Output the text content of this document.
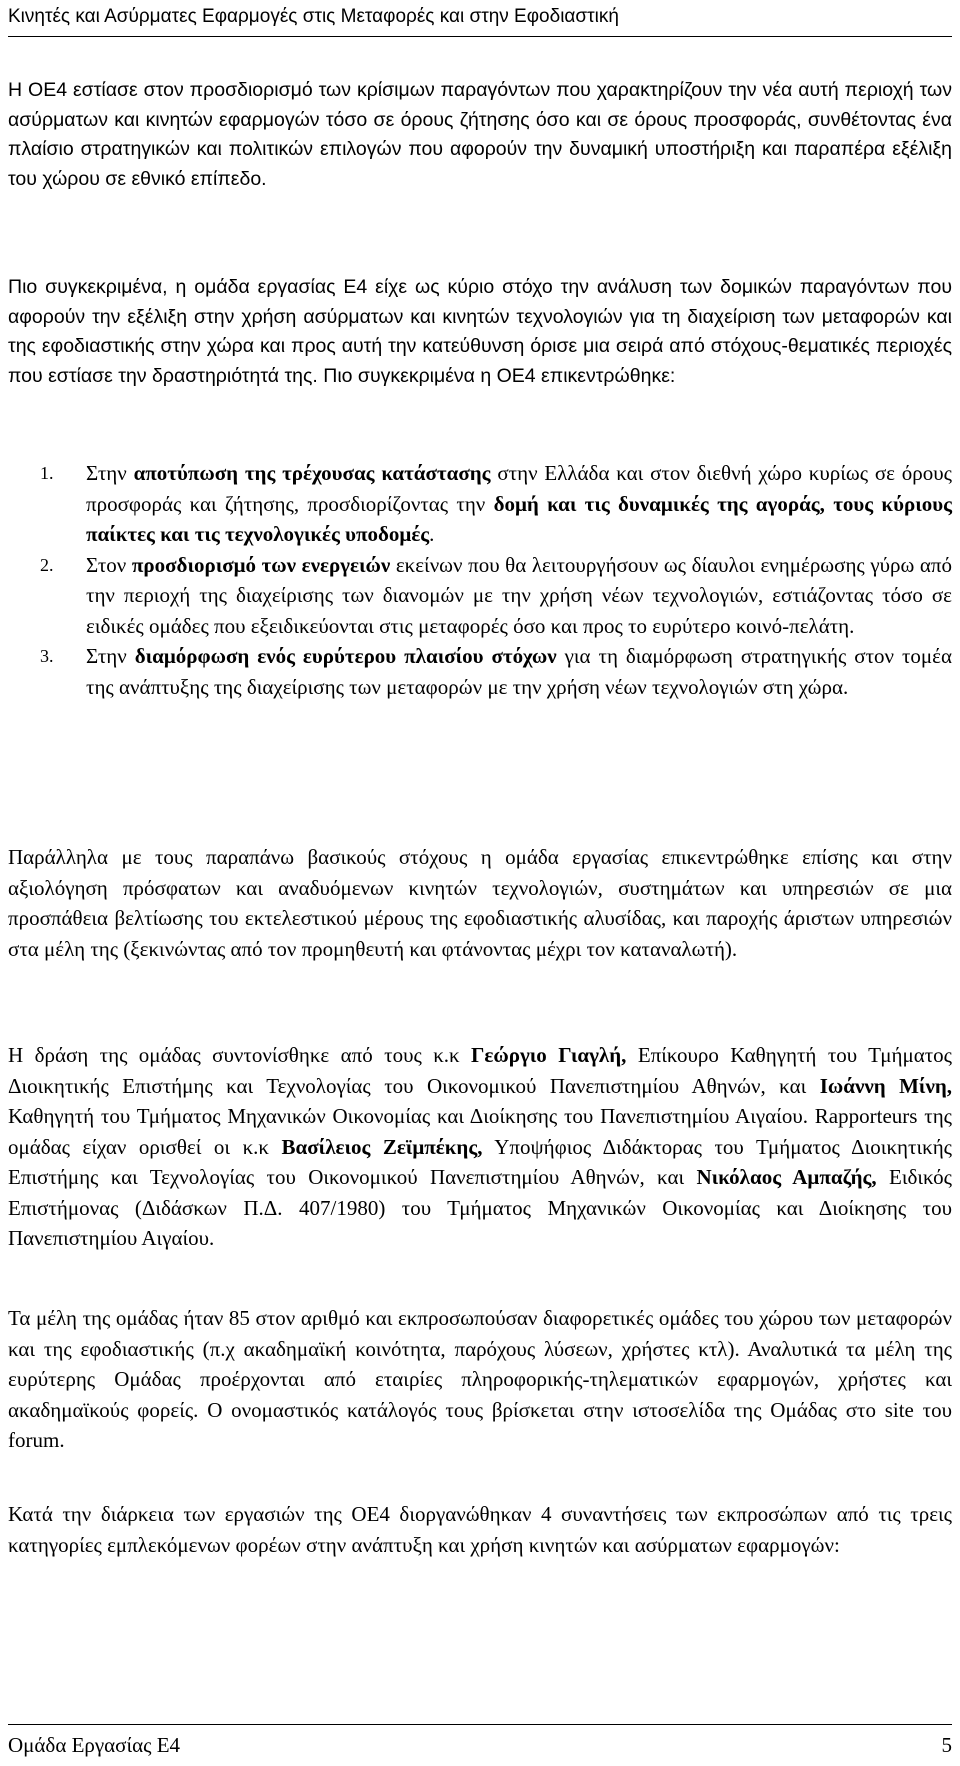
Κινητές και Ασύρματες Εφαρμογές στις Μεταφορές και στην Εφοδιαστική

Η ΟΕ4 εστίασε στον προσδιορισμό των κρίσιμων παραγόντων που χαρακτηρίζουν την νέα αυτή περιοχή των ασύρματων και κινητών εφαρμογών τόσο σε όρους ζήτησης όσο και σε όρους προσφοράς, συνθέτοντας ένα πλαίσιο στρατηγικών και πολιτικών επιλογών που αφορούν την δυναμική υποστήριξη και παραπέρα εξέλιξη του χώρου σε εθνικό επίπεδο.

Πιο συγκεκριμένα, η ομάδα εργασίας Ε4 είχε ως κύριο στόχο την ανάλυση των δομικών παραγόντων που αφορούν την εξέλιξη στην χρήση ασύρματων και κινητών τεχνολογιών για τη διαχείριση των μεταφορών και της εφοδιαστικής στην χώρα και προς αυτή την κατεύθυνση όρισε μια σειρά από στόχους-θεματικές περιοχές που εστίασε την δραστηριότητά της. Πιο συγκεκριμένα η ΟΕ4 επικεντρώθηκε:

1. Στην αποτύπωση της τρέχουσας κατάστασης στην Ελλάδα και στον διεθνή χώρο κυρίως σε όρους προσφοράς και ζήτησης, προσδιορίζοντας την δομή και τις δυναμικές της αγοράς, τους κύριους παίκτες και τις τεχνολογικές υποδομές.
2. Στον προσδιορισμό των ενεργειών εκείνων που θα λειτουργήσουν ως δίαυλοι ενημέρωσης γύρω από την περιοχή της διαχείρισης των διανομών με την χρήση νέων τεχνολογιών, εστιάζοντας τόσο σε ειδικές ομάδες που εξειδικεύονται στις μεταφορές όσο και προς το ευρύτερο κοινό-πελάτη.
3. Στην διαμόρφωση ενός ευρύτερου πλαισίου στόχων για τη διαμόρφωση στρατηγικής στον τομέα της ανάπτυξης της διαχείρισης των μεταφορών με την χρήση νέων τεχνολογιών στη χώρα.

Παράλληλα με τους παραπάνω βασικούς στόχους η ομάδα εργασίας επικεντρώθηκε επίσης και στην αξιολόγηση πρόσφατων και αναδυόμενων κινητών τεχνολογιών, συστημάτων και υπηρεσιών σε μια προσπάθεια βελτίωσης του εκτελεστικού μέρους της εφοδιαστικής αλυσίδας, και παροχής άριστων υπηρεσιών στα μέλη της (ξεκινώντας από τον προμηθευτή και φτάνοντας μέχρι τον καταναλωτή).

Η δράση της ομάδας συντονίσθηκε από τους κ.κ Γεώργιο Γιαγλή, Επίκουρο Καθηγητή του Τμήματος Διοικητικής Επιστήμης και Τεχνολογίας του Οικονομικού Πανεπιστημίου Αθηνών, και Ιωάννη Μίνη, Καθηγητή του Τμήματος Μηχανικών Οικονομίας και Διοίκησης του Πανεπιστημίου Αιγαίου. Rapporteurs της ομάδας είχαν ορισθεί οι κ.κ Βασίλειος Ζεϊμπέκης, Υποψήφιος Διδάκτορας του Τμήματος Διοικητικής Επιστήμης και Τεχνολογίας του Οικονομικού Πανεπιστημίου Αθηνών, και Νικόλαος Αμπαζής, Ειδικός Επιστήμονας (Διδάσκων Π.Δ. 407/1980) του Τμήματος Μηχανικών Οικονομίας και Διοίκησης του Πανεπιστημίου Αιγαίου.

Τα μέλη της ομάδας ήταν 85 στον αριθμό και εκπροσωπούσαν διαφορετικές ομάδες του χώρου των μεταφορών και της εφοδιαστικής (π.χ ακαδημαϊκή κοινότητα, παρόχους λύσεων, χρήστες κτλ). Αναλυτικά τα μέλη της ευρύτερης Ομάδας προέρχονται από εταιρίες πληροφορικής-τηλεματικών εφαρμογών, χρήστες και ακαδημαϊκούς φορείς. Ο ονομαστικός κατάλογός τους βρίσκεται στην ιστοσελίδα της Ομάδας στο site του forum.

Κατά την διάρκεια των εργασιών της ΟΕ4 διοργανώθηκαν 4 συναντήσεις των εκπροσώπων από τις τρεις κατηγορίες εμπλεκόμενων φορέων στην ανάπτυξη και χρήση κινητών και ασύρματων εφαρμογών:

Ομάδα Εργασίας Ε4	5
